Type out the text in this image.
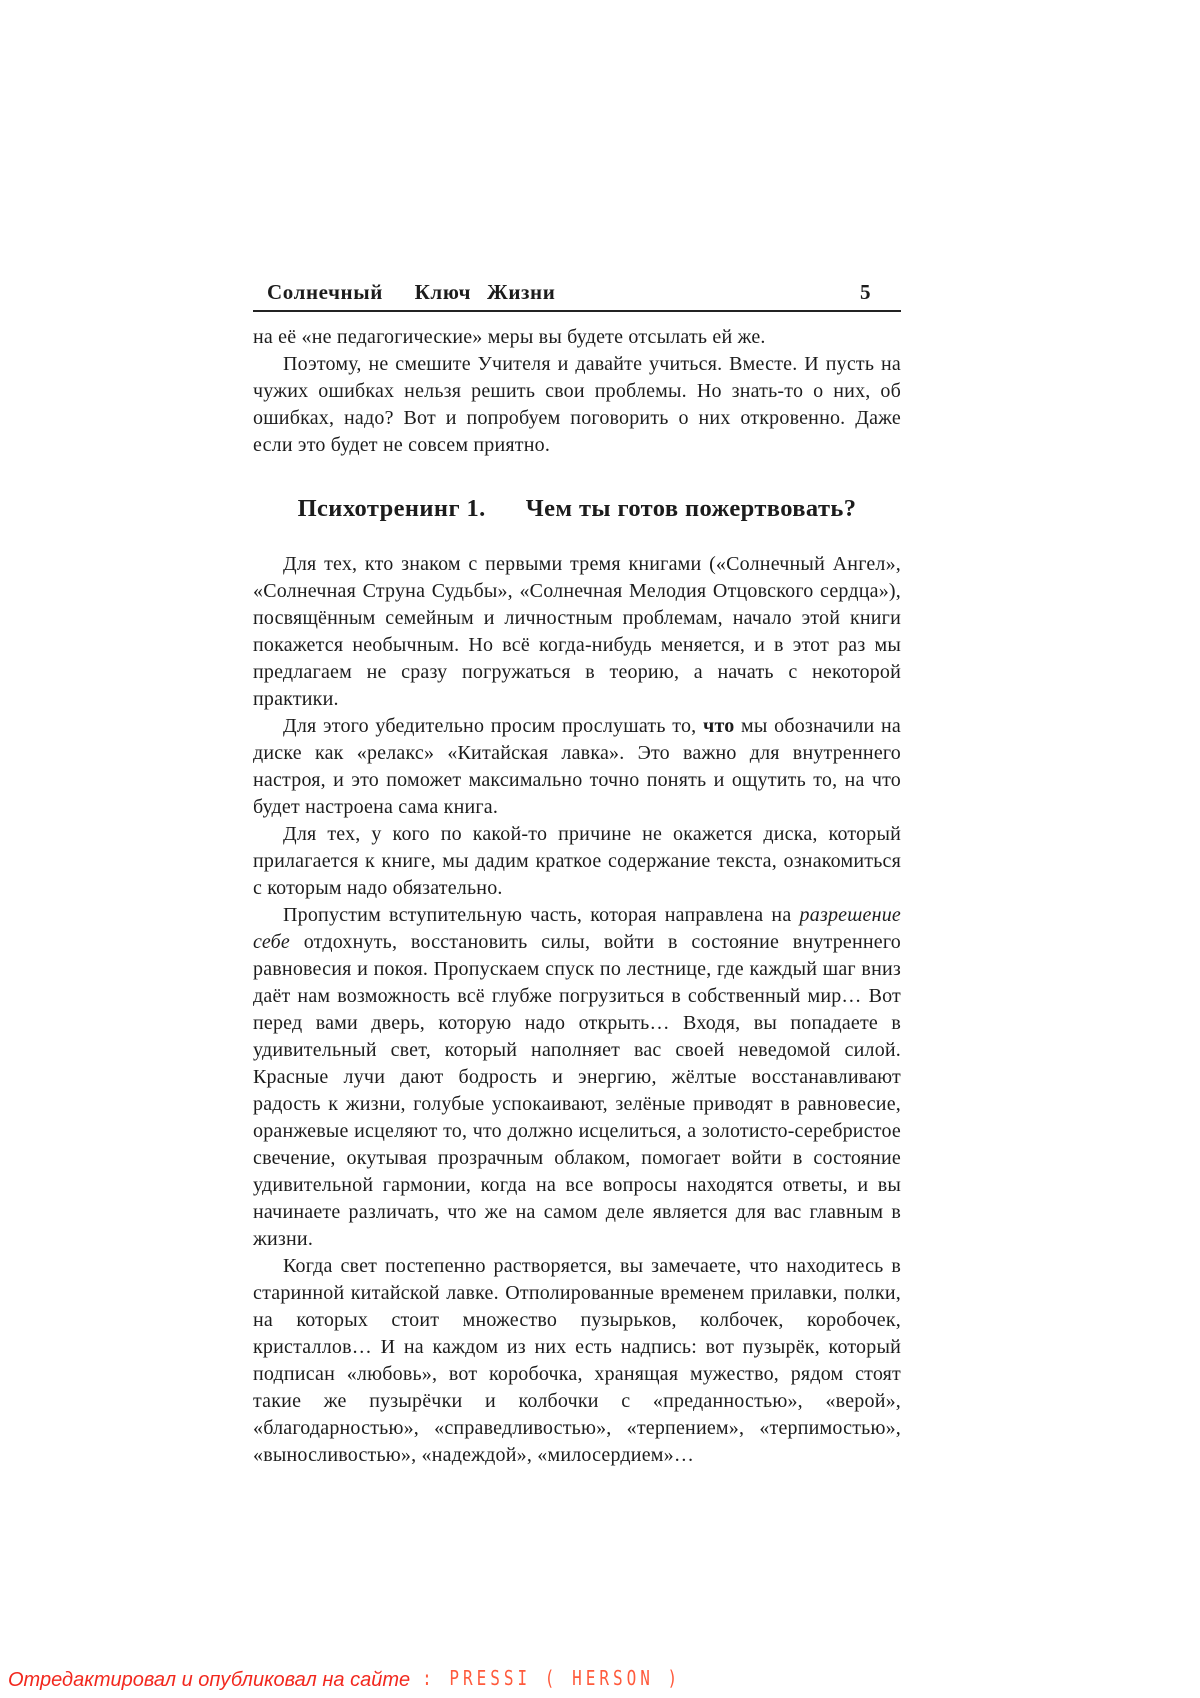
Солнечный  Ключ Жизни	5

на её «не педагогические» меры вы будете отсылать ей же.

Поэтому, не смешите Учителя и давайте учиться. Вместе. И пусть на чужих ошибках нельзя решить свои проблемы. Но знать-то о них, об ошибках, надо? Вот и попробуем поговорить о них откровенно. Даже если это будет не совсем приятно.

Психотренинг 1. Чем ты готов пожертвовать?

Для тех, кто знаком с первыми тремя книгами («Солнечный Ангел», «Солнечная Струна Судьбы», «Солнечная Мелодия Отцовского сердца»), посвящённым семейным и личностным проблемам, начало этой книги покажется необычным. Но всё когда-нибудь меняется, и в этот раз мы предлагаем не сразу погружаться в теорию, а начать с некоторой практики.

Для этого убедительно просим прослушать то, что мы обозначили на диске как «релакс» «Китайская лавка». Это важно для внутреннего настроя, и это поможет максимально точно понять и ощутить то, на что будет настроена сама книга.

Для тех, у кого по какой-то причине не окажется диска, который прилагается к книге, мы дадим краткое содержание текста, ознакомиться с которым надо обязательно.

Пропустим вступительную часть, которая направлена на разрешение себе отдохнуть, восстановить силы, войти в состояние внутреннего равновесия и покоя. Пропускаем спуск по лестнице, где каждый шаг вниз даёт нам возможность всё глубже погрузиться в собственный мир… Вот перед вами дверь, которую надо открыть… Входя, вы попадаете в удивительный свет, который наполняет вас своей неведомой силой. Красные лучи дают бодрость и энергию, жёлтые восстанавливают радость к жизни, голубые успокаивают, зелёные приводят в равновесие, оранжевые исцеляют то, что должно исцелиться, а золотисто-серебристое свечение, окутывая прозрачным облаком, помогает войти в состояние удивительной гармонии, когда на все вопросы находятся ответы, и вы начинаете различать, что же на самом деле является для вас главным в жизни.

Когда свет постепенно растворяется, вы замечаете, что находитесь в старинной китайской лавке. Отполированные временем прилавки, полки, на которых стоит множество пузырьков, колбочек, коробочек, кристаллов… И на каждом из них есть надпись: вот пузырёк, который подписан «любовь», вот коробочка, хранящая мужество, рядом стоят такие же пузырёчки и колбочки с «преданностью», «верой», «благодарностью», «справедливостью», «терпением», «терпимостью», «выносливостью», «надеждой», «милосердием»…

Отредактировал и опубликовал на сайте : PRESSI ( HERSON )
